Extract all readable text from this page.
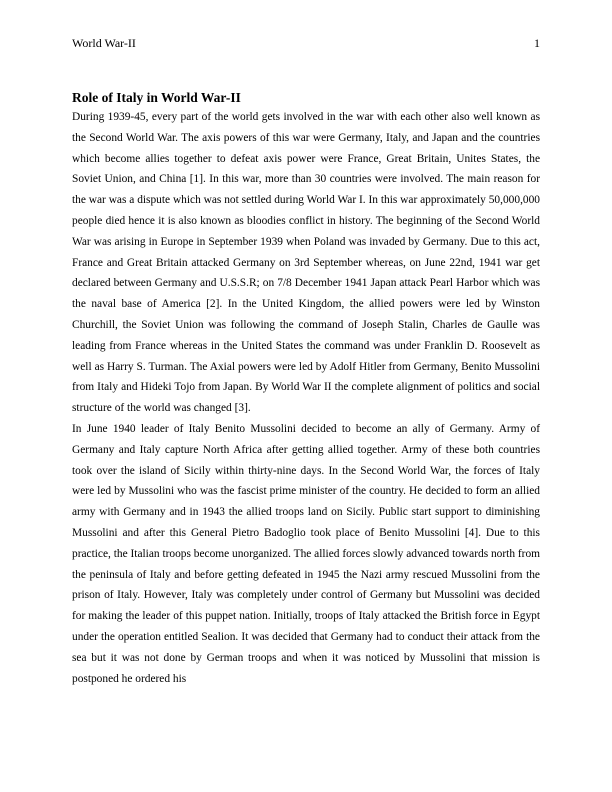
World War-II	1
Role of Italy in World War-II

During 1939-45, every part of the world gets involved in the war with each other also well known as the Second World War. The axis powers of this war were Germany, Italy, and Japan and the countries which become allies together to defeat axis power were France, Great Britain, Unites States, the Soviet Union, and China [1]. In this war, more than 30 countries were involved. The main reason for the war was a dispute which was not settled during World War I. In this war approximately 50,000,000 people died hence it is also known as bloodies conflict in history. The beginning of the Second World War was arising in Europe in September 1939 when Poland was invaded by Germany. Due to this act, France and Great Britain attacked Germany on 3rd September whereas, on June 22nd, 1941 war get declared between Germany and U.S.S.R; on 7/8 December 1941 Japan attack Pearl Harbor which was the naval base of America [2]. In the United Kingdom, the allied powers were led by Winston Churchill, the Soviet Union was following the command of Joseph Stalin, Charles de Gaulle was leading from France whereas in the United States the command was under Franklin D. Roosevelt as well as Harry S. Turman. The Axial powers were led by Adolf Hitler from Germany, Benito Mussolini from Italy and Hideki Tojo from Japan. By World War II the complete alignment of politics and social structure of the world was changed [3].

In June 1940 leader of Italy Benito Mussolini decided to become an ally of Germany. Army of Germany and Italy capture North Africa after getting allied together. Army of these both countries took over the island of Sicily within thirty-nine days. In the Second World War, the forces of Italy were led by Mussolini who was the fascist prime minister of the country. He decided to form an allied army with Germany and in 1943 the allied troops land on Sicily. Public start support to diminishing Mussolini and after this General Pietro Badoglio took place of Benito Mussolini [4]. Due to this practice, the Italian troops become unorganized. The allied forces slowly advanced towards north from the peninsula of Italy and before getting defeated in 1945 the Nazi army rescued Mussolini from the prison of Italy. However, Italy was completely under control of Germany but Mussolini was decided for making the leader of this puppet nation. Initially, troops of Italy attacked the British force in Egypt under the operation entitled Sealion. It was decided that Germany had to conduct their attack from the sea but it was not done by German troops and when it was noticed by Mussolini that mission is postponed he ordered his
